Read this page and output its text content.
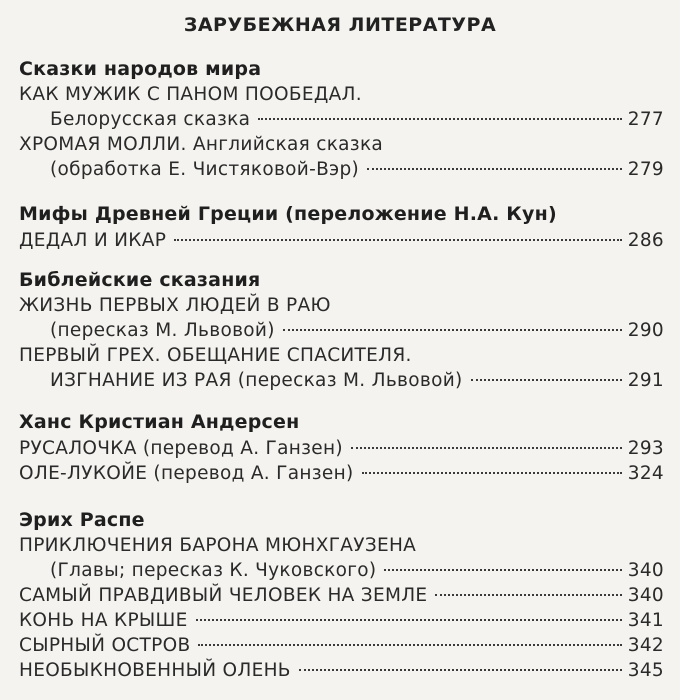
ЗАРУБЕЖНАЯ ЛИТЕРАТУРА
Сказки народов мира
КАК МУЖИК С ПАНОМ ПООБЕДАЛ.
Белорусская сказка	277
ХРОМАЯ МОЛЛИ. Английская сказка
(обработка Е. Чистяковой-Вэр)	279
Мифы Древней Греции (переложение Н.А. Кун)
ДЕДАЛ И ИКАР	286
Библейские сказания
ЖИЗНЬ ПЕРВЫХ ЛЮДЕЙ В РАЮ
(пересказ М. Львовой)	290
ПЕРВЫЙ ГРЕХ. ОБЕЩАНИЕ СПАСИТЕЛЯ.
ИЗГНАНИЕ ИЗ РАЯ (пересказ М. Львовой)	291
Ханс Кристиан Андерсен
РУСАЛОЧКА (перевод А. Ганзен)	293
ОЛЕ-ЛУКОЙЕ (перевод А. Ганзен)	324
Эрих Распе
ПРИКЛЮЧЕНИЯ БАРОНА МЮНХГАУЗЕНА
(Главы; пересказ К. Чуковского)	340
САМЫЙ ПРАВДИВЫЙ ЧЕЛОВЕК НА ЗЕМЛЕ	340
КОНЬ НА КРЫШЕ	341
СЫРНЫЙ ОСТРОВ	342
НЕОБЫКНОВЕННЫЙ ОЛЕНЬ	345
